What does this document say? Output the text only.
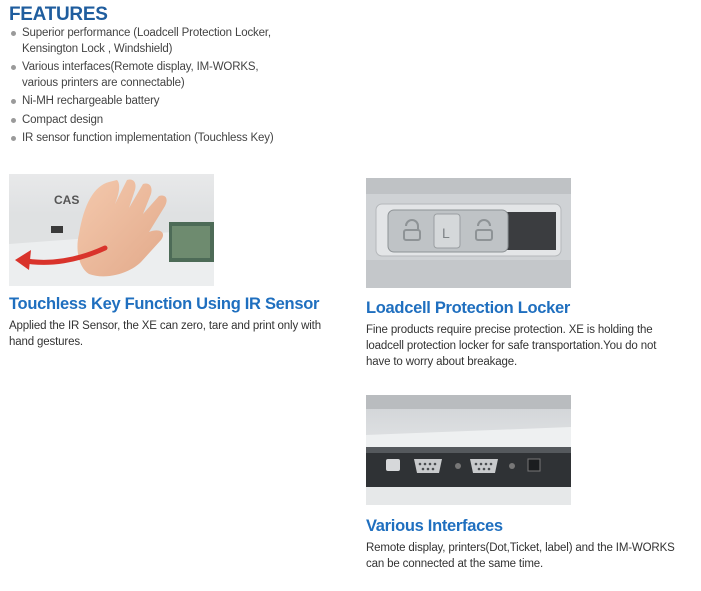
FEATURES
Superior performance (Loadcell Protection Locker,
Kensington Lock , Windshield)
Various interfaces(Remote display, IM-WORKS,
various printers are connectable)
Ni-MH rechargeable battery
Compact design
IR sensor function implementation (Touchless Key)
CAS
Touchless Key Function Using IR Sensor
Applied the IR Sensor, the XE can zero, tare and print only with
hand gestures.
L
Loadcell Protection Locker
Fine products require precise protection. XE is holding the
loadcell protection locker for safe transportation.You do not
have to worry about breakage.
Various Interfaces
Remote display, printers(Dot,Ticket, label) and the IM-WORKS
can be connected at the same time.
